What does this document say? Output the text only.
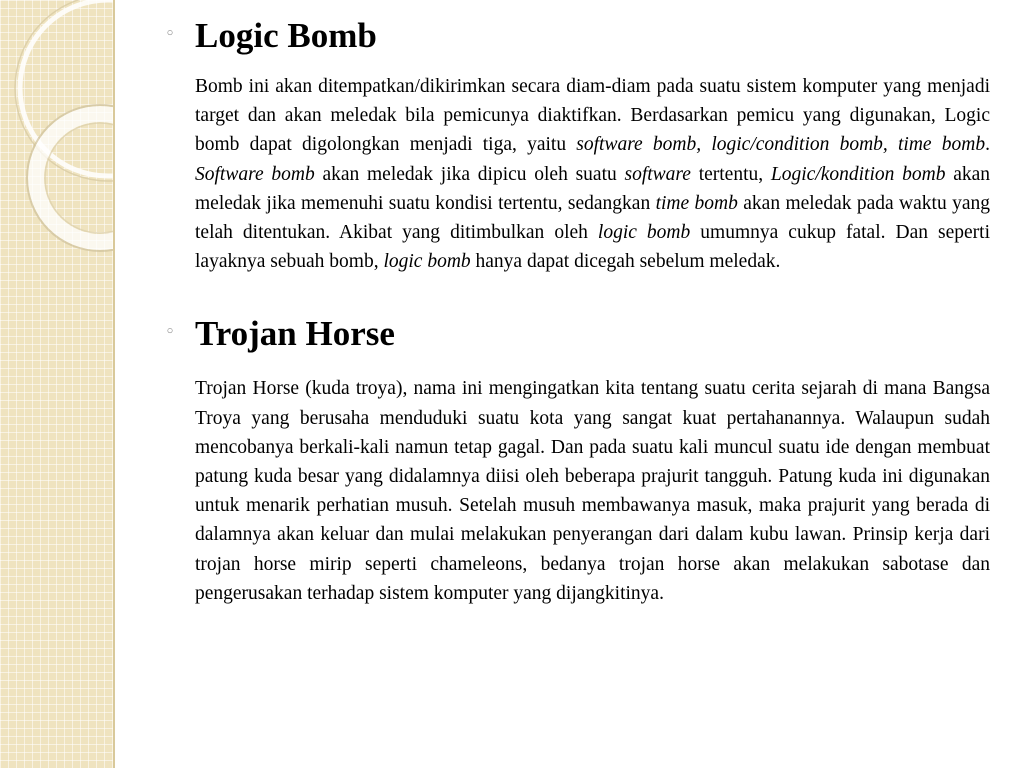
◦ Logic Bomb

Bomb ini akan ditempatkan/dikirimkan secara diam-diam pada suatu sistem komputer yang menjadi target dan akan meledak bila pemicunya diaktifkan. Berdasarkan pemicu yang digunakan, Logic bomb dapat digolongkan menjadi tiga, yaitu software bomb, logic/condition bomb, time bomb. Software bomb akan meledak jika dipicu oleh suatu software tertentu, Logic/kondition bomb akan meledak jika memenuhi suatu kondisi tertentu, sedangkan time bomb akan meledak pada waktu yang telah ditentukan. Akibat yang ditimbulkan oleh logic bomb umumnya cukup fatal. Dan seperti layaknya sebuah bomb, logic bomb hanya dapat dicegah sebelum meledak.

◦ Trojan Horse

Trojan Horse (kuda troya), nama ini mengingatkan kita tentang suatu cerita sejarah di mana Bangsa Troya yang berusaha menduduki suatu kota yang sangat kuat pertahanannya. Walaupun sudah mencobanya berkali-kali namun tetap gagal. Dan pada suatu kali muncul suatu ide dengan membuat patung kuda besar yang didalamnya diisi oleh beberapa prajurit tangguh. Patung kuda ini digunakan untuk menarik perhatian musuh. Setelah musuh membawanya masuk, maka prajurit yang berada di dalamnya akan keluar dan mulai melakukan penyerangan dari dalam kubu lawan. Prinsip kerja dari trojan horse mirip seperti chameleons, bedanya trojan horse akan melakukan sabotase dan pengerusakan terhadap sistem komputer yang dijangkitinya.
